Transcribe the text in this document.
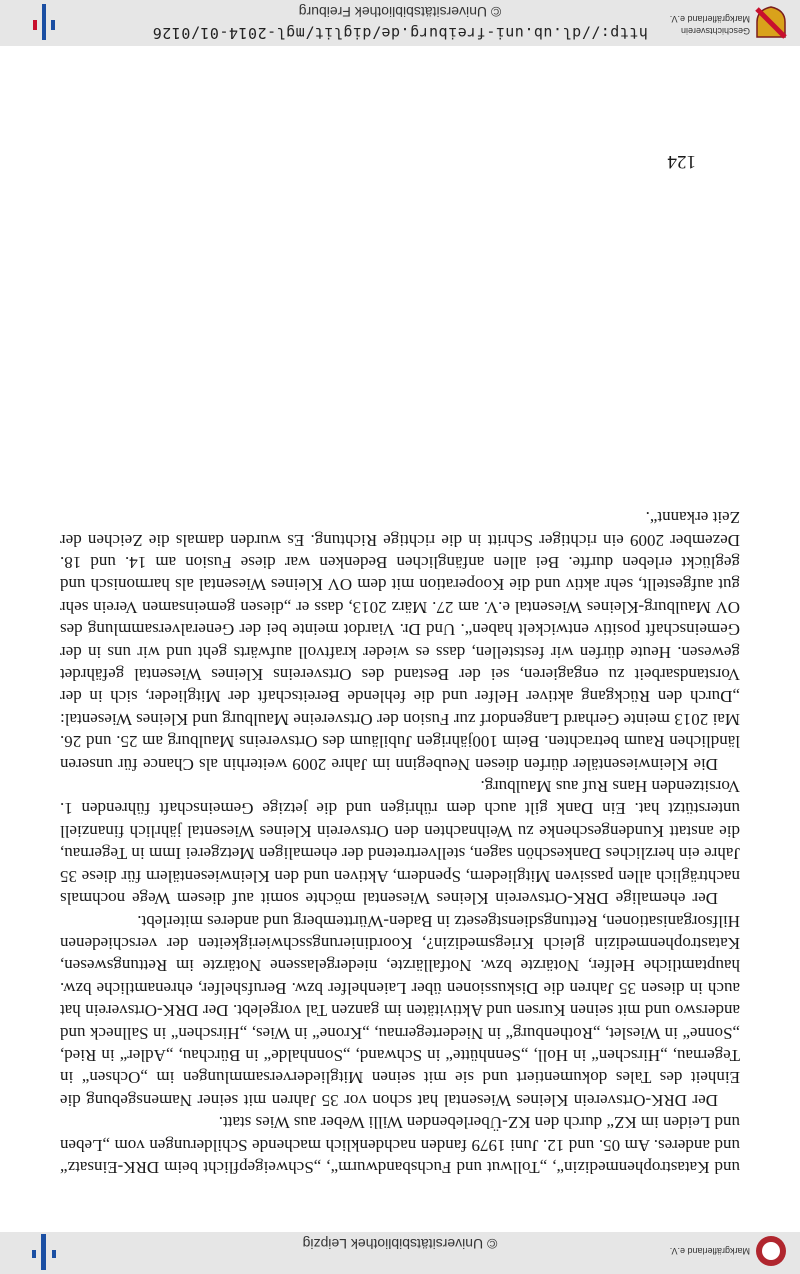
Markgräflerland e.V.
© Universitätsbibliothek Leipzig
124

und Katastrophenmedizin“, „Tollwut und Fuchsbandwurm“, „Schweigepflicht beim DRK-Einsatz“ und anderes. Am 05. und 12. Juni 1979 fanden nachdenklich machende Schilderungen vom „Leben und Leiden im KZ“ durch den KZ-Überlebenden Willi Weber aus Wies statt.

Der DRK-Ortsverein Kleines Wiesental hat schon vor 35 Jahren mit seiner Namensgebung die Einheit des Tales dokumentiert und sie mit seinen Mitgliederversammlungen im „Ochsen“ in Tegernau, „Hirschen“ in Holl, „Sennhütte“ in Schwand, „Sonnhalde“ in Bürchau, „Adler“ in Ried, „Sonne“ in Wieslet, „Rothenburg“ in Niedertegernau, „Krone“ in Wies, „Hirschen“ in Sallneck und anderswo und mit seinen Kursen und Aktivitäten im ganzen Tal vorgelebt. Der DRK-Ortsverein hat auch in diesen 35 Jahren die Diskussionen über Laienhelfer bzw. Berufshelfer, ehrenamtliche bzw. hauptamtliche Helfer, Notärzte bzw. Notfallärzte, niedergelassene Notärzte im Rettungswesen, Katastrophenmedizin gleich Kriegsmedizin?, Koordinierungsschwierigkeiten der verschiedenen Hilfsorganisationen, Rettungsdienstgesetz in Baden-Württemberg und anderes miterlebt.

Der ehemalige DRK-Ortsverein Kleines Wiesental möchte somit auf diesem Wege nochmals nachträglich allen passiven Mitgliedern, Spendern, Aktiven und den Kleinwiesentälern für diese 35 Jahre ein herzliches Dankeschön sagen, stellvertretend der ehemaligen Metzgerei Imm in Tegernau, die anstatt Kundengeschenke zu Weihnachten den Ortsverein Kleines Wiesental jährlich finanziell unterstützt hat. Ein Dank gilt auch dem rührigen und die jetzige Gemeinschaft führenden 1. Vorsitzenden Hans Ruf aus Maulburg.

Die Kleinwiesentäler dürfen diesen Neubeginn im Jahre 2009 weiterhin als Chance für unseren ländlichen Raum betrachten. Beim 100jährigen Jubiläum des Ortsvereins Maulburg am 25. und 26. Mai 2013 meinte Gerhard Langendorf zur Fusion der Ortsvereine Maulburg und Kleines Wiesental: „Durch den Rückgang aktiver Helfer und die fehlende Bereitschaft der Mitglieder, sich in der Vorstandsarbeit zu engagieren, sei der Bestand des Ortsvereins Kleines Wiesental gefährdet gewesen. Heute dürfen wir feststellen, dass es wieder kraftvoll aufwärts geht und wir uns in der Gemeinschaft positiv entwickelt haben“. Und Dr. Viardot meinte bei der Generalversammlung des OV Maulburg-Kleines Wiesental e.V. am 27. März 2013, dass er „diesen gemeinsamen Verein sehr gut aufgestellt, sehr aktiv und die Kooperation mit dem OV Kleines Wiesental als harmonisch und geglückt erleben durfte. Bei allen anfänglichen Bedenken war diese Fusion am 14. und 18. Dezember 2009 ein richtiger Schritt in die richtige Richtung. Es wurden damals die Zeichen der Zeit erkannt“.

http://dl.ub.uni-freiburg.de/diglit/mgl-2014-01/0126
© Universitätsbibliothek Freiburg
Geschichtsverein
Markgräflerland e.V.
